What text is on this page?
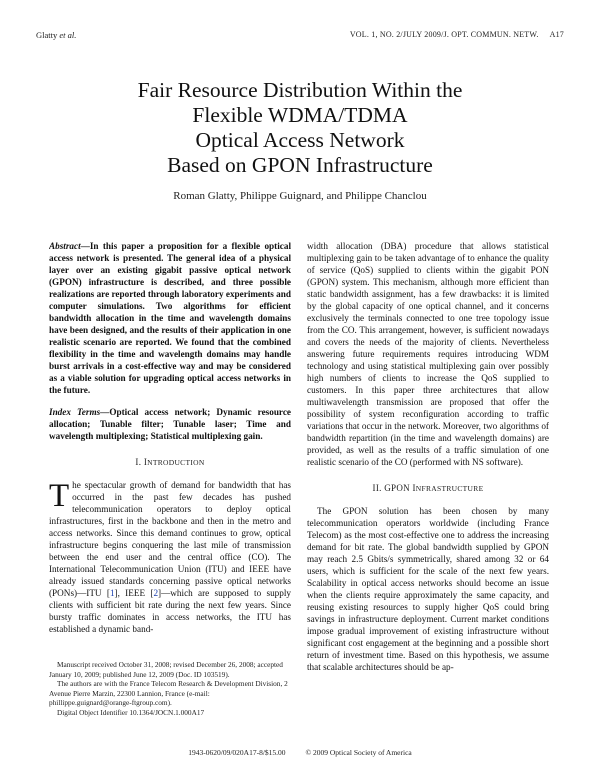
Glatty et al.	VOL. 1, NO. 2/JULY 2009/J. OPT. COMMUN. NETW. A17
Fair Resource Distribution Within the
Flexible WDMA/TDMA
Optical Access Network
Based on GPON Infrastructure
Roman Glatty, Philippe Guignard, and Philippe Chanclou

Abstract—In this paper a proposition for a flexible optical access network is presented. The general idea of a physical layer over an existing gigabit passive optical network (GPON) infrastructure is described, and three possible realizations are reported through laboratory experiments and computer simulations. Two algorithms for efficient bandwidth allocation in the time and wavelength domains have been designed, and the results of their application in one realistic scenario are reported. We found that the combined flexibility in the time and wavelength domains may handle burst arrivals in a cost-effective way and may be considered as a viable solution for upgrading optical access networks in the future.

Index Terms—Optical access network; Dynamic resource allocation; Tunable filter; Tunable laser; Time and wavelength multiplexing; Statistical multiplexing gain.

I. INTRODUCTION

The spectacular growth of demand for bandwidth that has occurred in the past few decades has pushed telecommunication operators to deploy optical infrastructures, first in the backbone and then in the metro and access networks. Since this demand continues to grow, optical infrastructure begins conquering the last mile of transmission between the end user and the central office (CO). The International Telecommunication Union (ITU) and IEEE have already issued standards concerning passive optical networks (PONs)—ITU [1], IEEE [2]—which are supposed to supply clients with sufficient bit rate during the next few years. Since bursty traffic dominates in access networks, the ITU has established a dynamic band-

Manuscript received October 31, 2008; revised December 26, 2008; accepted January 10, 2009; published June 12, 2009 (Doc. ID 103519).

The authors are with the France Telecom Research & Development Division, 2 Avenue Pierre Marzin, 22300 Lannion, France (e-mail: phillippe.guignard@orange-ftgroup.com).

Digital Object Identifier 10.1364/JOCN.1.000A17

width allocation (DBA) procedure that allows statistical multiplexing gain to be taken advantage of to enhance the quality of service (QoS) supplied to clients within the gigabit PON (GPON) system. This mechanism, although more efficient than static bandwidth assignment, has a few drawbacks: it is limited by the global capacity of one optical channel, and it concerns exclusively the terminals connected to one tree topology issue from the CO. This arrangement, however, is sufficient nowadays and covers the needs of the majority of clients. Nevertheless answering future requirements requires introducing WDM technology and using statistical multiplexing gain over possibly high numbers of clients to increase the QoS supplied to customers. In this paper three architectures that allow multiwavelength transmission are proposed that offer the possibility of system reconfiguration according to traffic variations that occur in the network. Moreover, two algorithms of bandwidth repartition (in the time and wavelength domains) are provided, as well as the results of a traffic simulation of one realistic scenario of the CO (performed with NS software).

II. GPON INFRASTRUCTURE

The GPON solution has been chosen by many telecommunication operators worldwide (including France Telecom) as the most cost-effective one to address the increasing demand for bit rate. The global bandwidth supplied by GPON may reach 2.5 Gbits/s symmetrically, shared among 32 or 64 users, which is sufficient for the scale of the next few years. Scalability in optical access networks should become an issue when the clients require approximately the same capacity, and reusing existing resources to supply higher QoS could bring savings in infrastructure deployment. Current market conditions impose gradual improvement of existing infrastructure without significant cost engagement at the beginning and a possible short return of investment time. Based on this hypothesis, we assume that scalable architectures should be ap-

1943-0620/09/020A17-8/$15.00	© 2009 Optical Society of America
